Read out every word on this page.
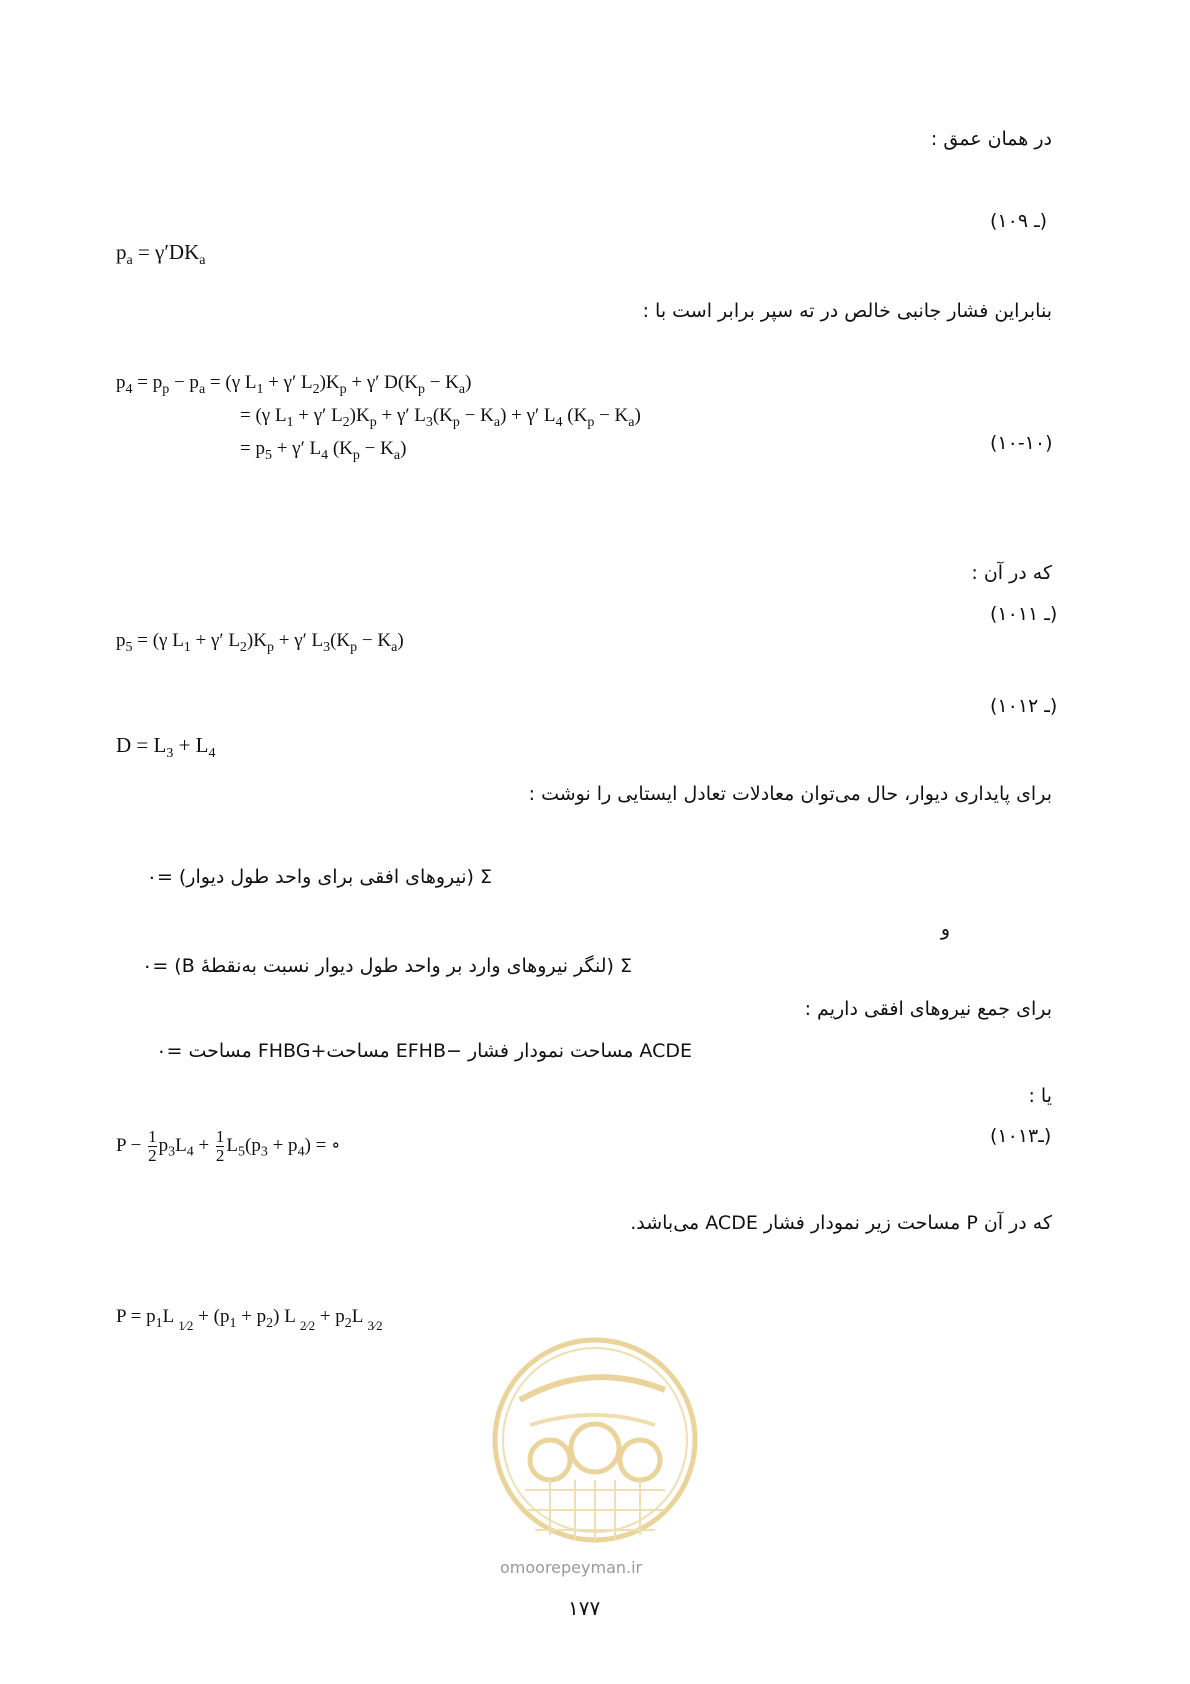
در همان عمق :
(۱۰ـ ۹)
$p_a = \gamma'DK_a$
بنابراین فشار جانبی خالص در ته سپر برابر است با :
$p_4 = p_p - p_a = (\gamma$ $L_1 + \gamma'$ $L_2)K_p + \gamma'$ $D(K_p - K_a)$
= (γ $L_1 + \gamma'$ $L_2)K_p + \gamma'$ $L_3(K_p - K_a) + \gamma'$ $L_4$ $(K_p - K_a)$
= $p_5 + \gamma'$ $L_4$ $(K_p - K_a)$	(۱۰-۱۰)
که در آن :
(۱۰ـ ۱۱)
$p_5 = (\gamma$ $L_1 + \gamma'$ $L_2)K_p + \gamma'$ $L_3(K_p - K_a)$
(۱۰ـ ۱۲)
$D = L_3 + L_4$
برای پایداری دیوار، حال می‌توان معادلات تعادل ایستایی را نوشت :
Σ (نیروهای افقی برای واحد طول دیوار) =۰
و
Σ (لنگر نیروهای وارد بر واحد طول دیوار نسبت به‌نقطهٔ B) =۰
برای جمع نیروهای افقی داریم :
ACDE مساحت نمودار فشار −EFHB مساحت+FHBG مساحت =۰
یا :
(۱۰ـ۱۳)
$P - \frac{1}{2} p_3L_4 + \frac{1}{2} L_5(p_3 + p_4)$ = ∘
که در آن P مساحت زیر نمودار فشار ACDE می‌باشد.
$P = p_1L$ 1⁄2 + $(p_1 + p_2)$ L 2⁄2 + $p_2L$ 3⁄2
omoorepeyman.ir
۱۷۷
